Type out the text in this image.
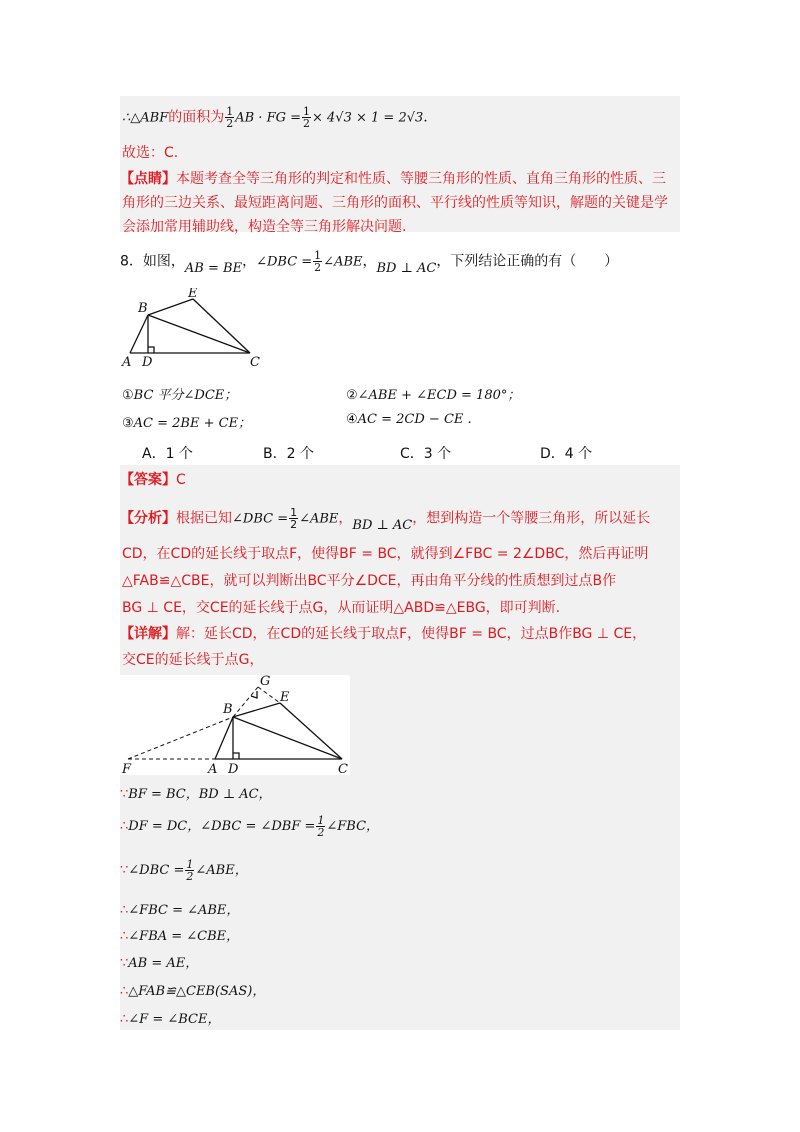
∴△ABF的面积为 $\frac{1}{2}$ AB · FG = $\frac{1}{2} \times 4√3 \times 1 = 2√3$.
故选：C.
【点睛】本题考查全等三角形的判定和性质、等腰三角形的性质、直角三角形的性质、三
角形的三边关系、最短距离问题、三角形的面积、平行线的性质等知识，解题的关键是学
会添加常用辅助线，构造全等三角形解决问题.
8．如图，AB = BE，∠DBC = $\frac{1}{2}$ ∠ABE，BD ⊥ AC，下列结论正确的有（　　）
B
E
A D	C
①BC 平分∠DCE；	②∠ABE + ∠ECD = 180°；
③AC = 2BE + CE；	④AC = 2CD − CE .
A．1 个	B．2 个	C．3 个	D．4 个
【答案】C
【分析】根据已知∠DBC = $\frac{1}{2}$ ∠ABE，BD ⊥ AC，想到构造一个等腰三角形，所以延长
CD，在CD的延长线于取点F，使得BF = BC，就得到∠FBC = 2∠DBC，然后再证明
△FAB≌△CBE，就可以判断出BC平分∠DCE，再由角平分线的性质想到过点B作
BG ⊥ CE，交CE的延长线于点G，从而证明△ABD≌△EBG，即可判断.
【详解】解：延长CD，在CD的延长线于取点F，使得BF = BC，过点B作BG ⊥ CE，
交CE的延长线于点G，
G
E
B
F	A D	C
∵BF = BC，BD ⊥ AC，
∴DF = DC，∠DBC = ∠DBF = $\frac{1}{2}$ ∠FBC，
∵∠DBC = $\frac{1}{2}$ ∠ABE，
∴∠FBC = ∠ABE，
∴∠FBA = ∠CBE，
∵AB = AE，
∴△FAB≌△CEB(SAS)，
∴∠F = ∠BCE，
